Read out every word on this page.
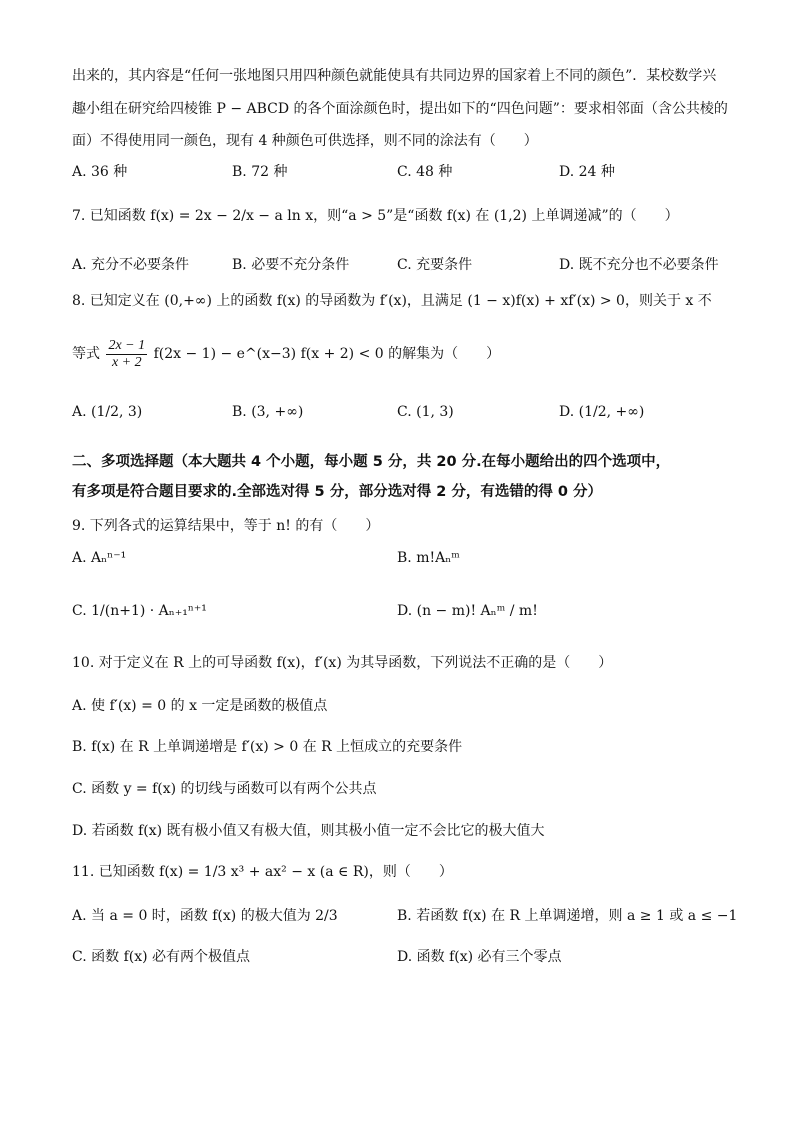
出来的，其内容是“任何一张地图只用四种颜色就能使具有共同边界的国家着上不同的颜色”．某校数学兴
趣小组在研究给四棱锥 P − ABCD 的各个面涂颜色时，提出如下的“四色问题”：要求相邻面（含公共棱的
面）不得使用同一颜色，现有 4 种颜色可供选择，则不同的涂法有（　　）
A. 36 种	B. 72 种	C. 48 种	D. 24 种
7. 已知函数 f(x) = 2x − 2/x − a ln x，则“a > 5”是“函数 f(x) 在 (1,2) 上单调递减”的（　　）
A. 充分不必要条件	B. 必要不充分条件	C. 充要条件	D. 既不充分也不必要条件
8. 已知定义在 (0,+∞) 上的函数 f(x) 的导函数为 f′(x)，且满足 (1 − x)f(x) + xf′(x) > 0，则关于 x 不
等式 $\frac{2x - 1}{x + 2} f(2x - 1)$ − e^(x−3) f(x + 2) < 0 的解集为（　　）
A. (1/2, 3)	B. (3, +∞)	C. (1, 3)	D. (1/2, +∞)
二、多项选择题（本大题共 4 个小题，每小题 5 分，共 20 分.在每小题给出的四个选项中，
有多项是符合题目要求的.全部选对得 5 分，部分选对得 2 分，有选错的得 0 分）
9. 下列各式的运算结果中，等于 n! 的有（　　）
A. Aₙⁿ⁻¹	B. m!Aₙᵐ
C. 1/(n+1) · Aₙ₊₁ⁿ⁺¹	D. (n − m)! Aₙᵐ / m!
10. 对于定义在 R 上的可导函数 f(x)，f′(x) 为其导函数，下列说法不正确的是（　　）
A. 使 f′(x) = 0 的 x 一定是函数的极值点
B. f(x) 在 R 上单调递增是 f′(x) > 0 在 R 上恒成立的充要条件
C. 函数 y = f(x) 的切线与函数可以有两个公共点
D. 若函数 f(x) 既有极小值又有极大值，则其极小值一定不会比它的极大值大
11. 已知函数 f(x) = 1/3 x³ + ax² − x (a ∈ R)，则（　　）
A. 当 a = 0 时，函数 f(x) 的极大值为 2/3	B. 若函数 f(x) 在 R 上单调递增，则 a ≥ 1 或 a ≤ −1
C. 函数 f(x) 必有两个极值点	D. 函数 f(x) 必有三个零点
